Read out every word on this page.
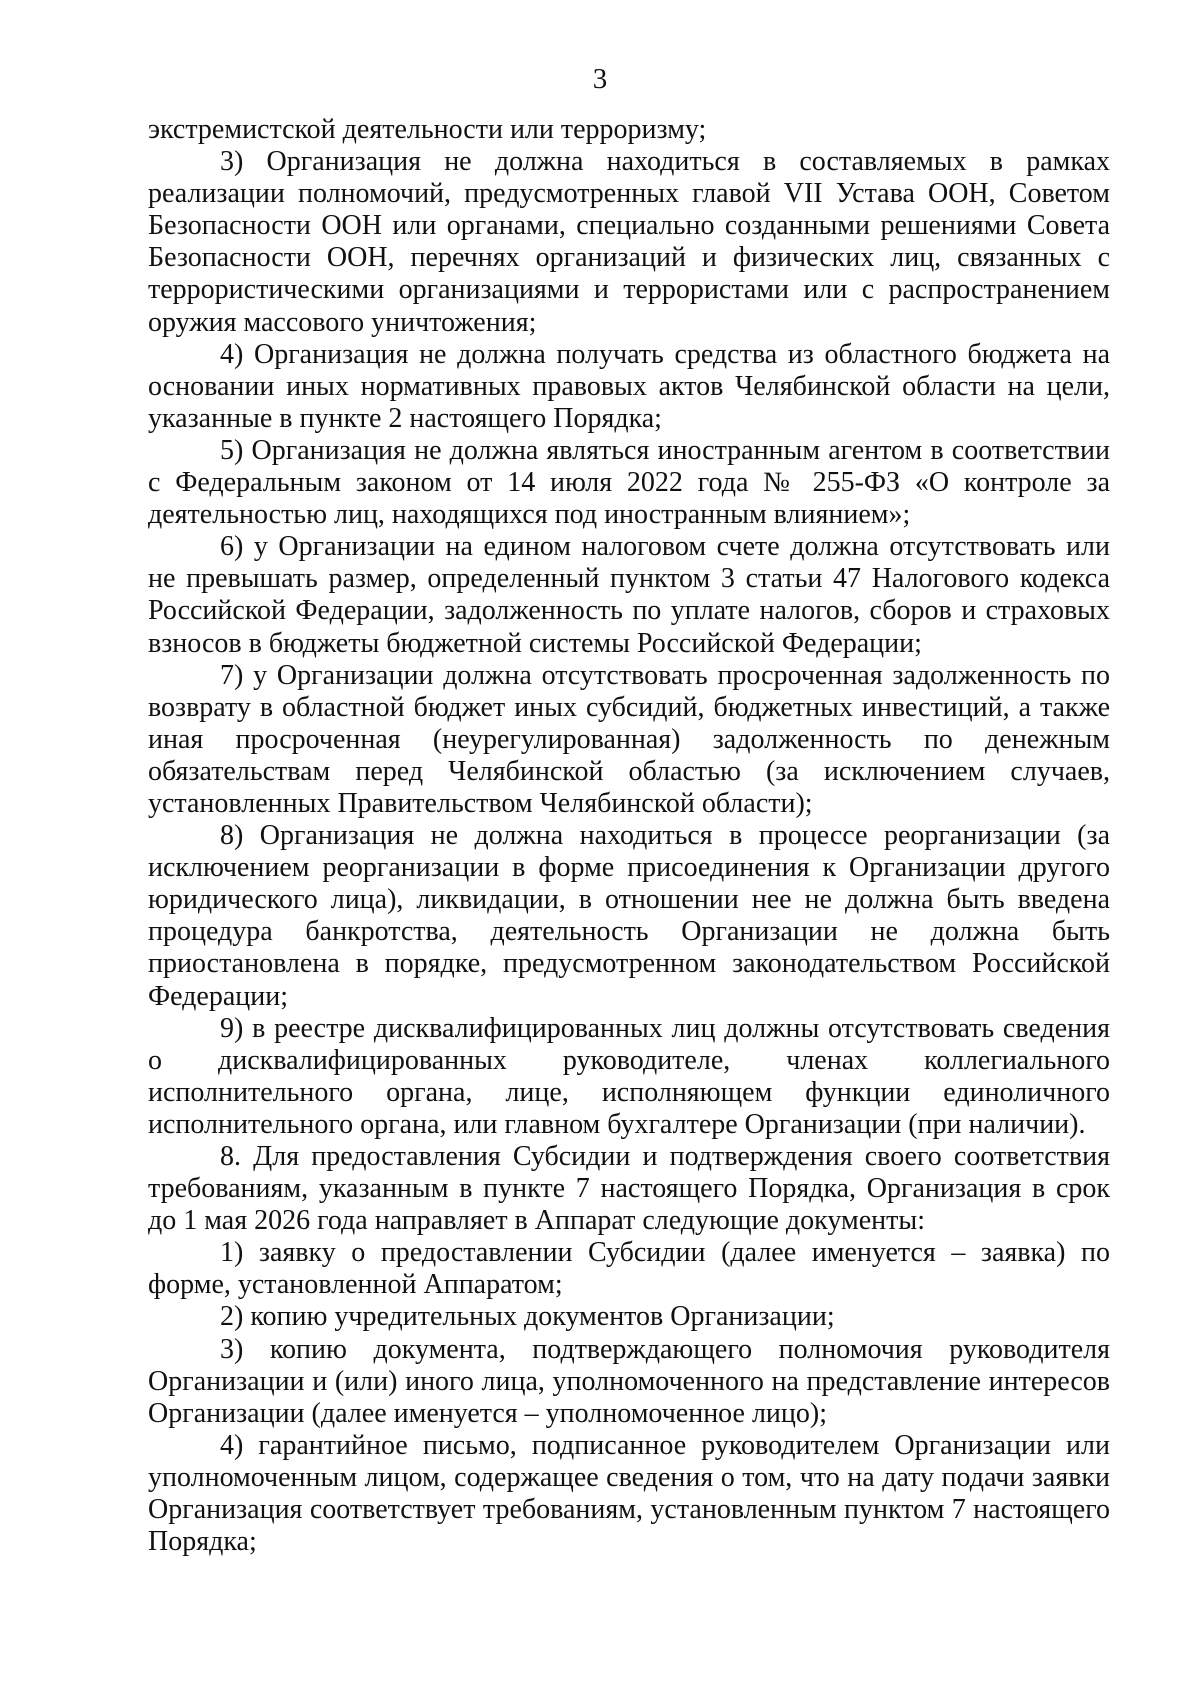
3

экстремистской деятельности или терроризму;

3) Организация не должна находиться в составляемых в рамках реализации полномочий, предусмотренных главой VII Устава ООН, Советом Безопасности ООН или органами, специально созданными решениями Совета Безопасности ООН, перечнях организаций и физических лиц, связанных с террористическими организациями и террористами или с распространением оружия массового уничтожения;

4) Организация не должна получать средства из областного бюджета на основании иных нормативных правовых актов Челябинской области на цели, указанные в пункте 2 настоящего Порядка;

5) Организация не должна являться иностранным агентом в соответствии с Федеральным законом от 14 июля 2022 года № 255-ФЗ «О контроле за деятельностью лиц, находящихся под иностранным влиянием»;

6) у Организации на едином налоговом счете должна отсутствовать или не превышать размер, определенный пунктом 3 статьи 47 Налогового кодекса Российской Федерации, задолженность по уплате налогов, сборов и страховых взносов в бюджеты бюджетной системы Российской Федерации;

7) у Организации должна отсутствовать просроченная задолженность по возврату в областной бюджет иных субсидий, бюджетных инвестиций, а также иная просроченная (неурегулированная) задолженность по денежным обязательствам перед Челябинской областью (за исключением случаев, установленных Правительством Челябинской области);

8) Организация не должна находиться в процессе реорганизации (за исключением реорганизации в форме присоединения к Организации другого юридического лица), ликвидации, в отношении нее не должна быть введена процедура банкротства, деятельность Организации не должна быть приостановлена в порядке, предусмотренном законодательством Российской Федерации;

9) в реестре дисквалифицированных лиц должны отсутствовать сведения о дисквалифицированных руководителе, членах коллегиального исполнительного органа, лице, исполняющем функции единоличного исполнительного органа, или главном бухгалтере Организации (при наличии).

8. Для предоставления Субсидии и подтверждения своего соответствия требованиям, указанным в пункте 7 настоящего Порядка, Организация в срок до 1 мая 2026 года направляет в Аппарат следующие документы:

1) заявку о предоставлении Субсидии (далее именуется – заявка) по форме, установленной Аппаратом;

2) копию учредительных документов Организации;

3) копию документа, подтверждающего полномочия руководителя Организации и (или) иного лица, уполномоченного на представление интересов Организации (далее именуется – уполномоченное лицо);

4) гарантийное письмо, подписанное руководителем Организации или уполномоченным лицом, содержащее сведения о том, что на дату подачи заявки Организация соответствует требованиям, установленным пунктом 7 настоящего Порядка;
